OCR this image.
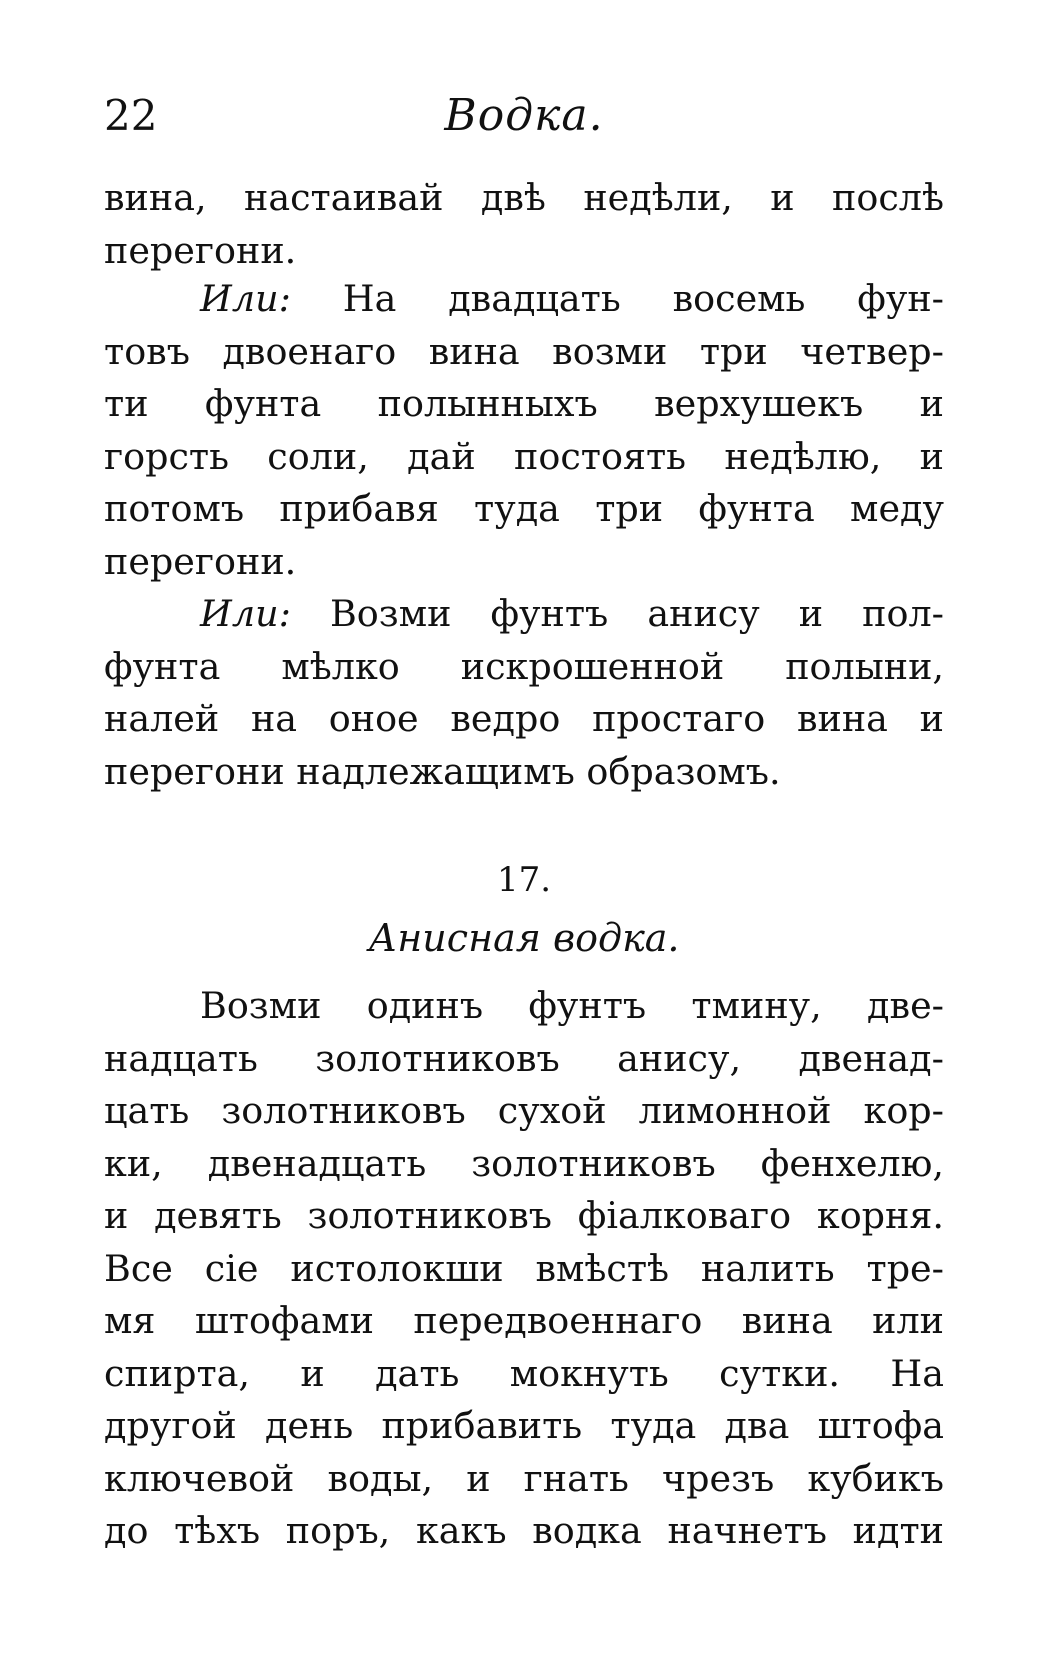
22	Водка.
вина, настаивай двѣ недѣли, и послѣ
перегони.
Или: На двадцать восемь фун-
товъ двоенаго вина возми три четвер-
ти фунта полынныхъ верхушекъ и
горсть соли, дай постоять недѣлю, и
потомъ прибавя туда три фунта меду
перегони.
Или: Возми фунтъ анису и пол-
фунта мѣлко искрошенной полыни,
налей на оное ведро простаго вина и
перегони надлежащимъ образомъ.
17.
Анисная водка.
Возми одинъ фунтъ тмину, две-
надцать золотниковъ анису, двенад-
цать золотниковъ сухой лимонной кор-
ки, двенадцать золотниковъ фенхелю,
и девять золотниковъ фіалковаго корня.
Все сіе истолокши вмѣстѣ налить тре-
мя штофами передвоеннаго вина или
спирта, и дать мокнуть сутки. На
другой день прибавить туда два штофа
ключевой воды, и гнать чрезъ кубикъ
до тѣхъ поръ, какъ водка начнетъ идти
